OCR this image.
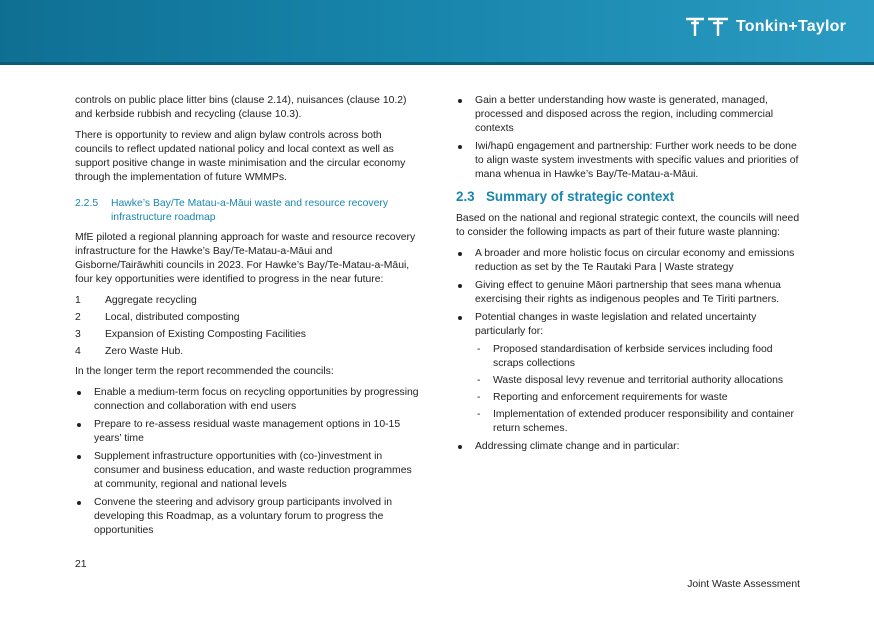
Tonkin+Taylor

controls on public place litter bins (clause 2.14), nuisances (clause 10.2) and kerbside rubbish and recycling (clause 10.3).

There is opportunity to review and align bylaw controls across both councils to reflect updated national policy and local context as well as support positive change in waste minimisation and the circular economy through the implementation of future WMMPs.

2.2.5	Hawke’s Bay/Te Matau-a-Māui waste and resource recovery infrastructure roadmap

MfE piloted a regional planning approach for waste and resource recovery infrastructure for the Hawke’s Bay/Te-Matau-a-Māui and Gisborne/Tairāwhiti councils in 2023. For Hawke’s Bay/Te-Matau-a-Māui, four key opportunities were identified to progress in the near future:

1	Aggregate recycling
2	Local, distributed composting
3	Expansion of Existing Composting Facilities
4	Zero Waste Hub.

In the longer term the report recommended the councils:

Enable a medium-term focus on recycling opportunities by progressing connection and collaboration with end users
Prepare to re-assess residual waste management options in 10-15 years’ time
Supplement infrastructure opportunities with (co-)investment in consumer and business education, and waste reduction programmes at community, regional and national levels
Convene the steering and advisory group participants involved in developing this Roadmap, as a voluntary forum to progress the opportunities
Gain a better understanding how waste is generated, managed, processed and disposed across the region, including commercial contexts
Iwi/hapū engagement and partnership: Further work needs to be done to align waste system investments with specific values and priorities of mana whenua in Hawke’s Bay/Te-Matau-a-Māui.
2.3 Summary of strategic context

Based on the national and regional strategic context, the councils will need to consider the following impacts as part of their future waste planning:

A broader and more holistic focus on circular economy and emissions reduction as set by the Te Rautaki Para | Waste strategy
Giving effect to genuine Māori partnership that sees mana whenua exercising their rights as indigenous peoples and Te Tiriti partners.
Potential changes in waste legislation and related uncertainty particularly for:
- Proposed standardisation of kerbside services including food scraps collections
- Waste disposal levy revenue and territorial authority allocations
- Reporting and enforcement requirements for waste
- Implementation of extended producer responsibility and container return schemes.
Addressing climate change and in particular:
21
Joint Waste Assessment
